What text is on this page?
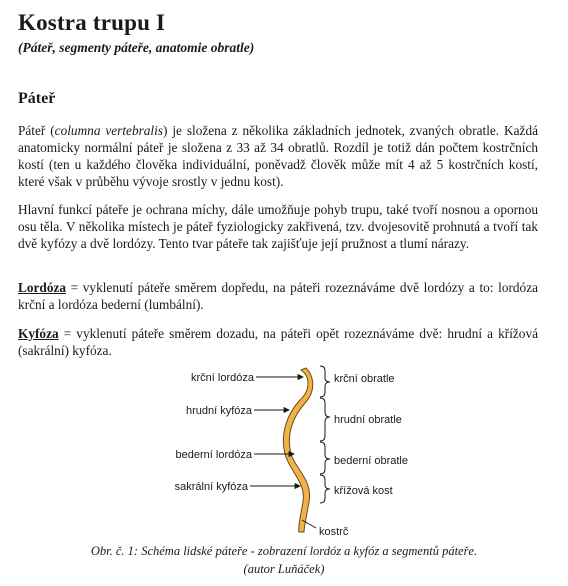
Kostra trupu I

(Páteř, segmenty páteře, anatomie obratle)

Páteř

Páteř (columna vertebralis) je složena z několika základních jednotek, zvaných obratle. Každá anatomicky normální páteř je složena z 33 až 34 obratlů. Rozdíl je totiž dán počtem kostrčních kostí (ten u každého člověka individuální, poněvadž člověk může mít 4 až 5 kostrčních kostí, které však v průběhu vývoje srostly v jednu kost).

Hlavní funkcí páteře je ochrana míchy, dále umožňuje pohyb trupu, také tvoří nosnou a opornou osu těla. V několika místech je páteř fyziologicky zakřivená, tzv. dvojesovitě prohnutá a tvoří tak dvě kyfózy a dvě lordózy. Tento tvar páteře tak zajišťuje její pružnost a tlumí nárazy.

Lordóza = vyklenutí páteře směrem dopředu, na páteři rozeznáváme dvě lordózy a to: lordóza krční a lordóza bederní (lumbální).

Kyfóza = vyklenutí páteře směrem dozadu, na páteři opět rozeznáváme dvě: hrudní a křížová (sakrální) kyfóza.

krční lordóza
hrudní kyfóza
bederní lordóza
sakrální kyfóza
krční obratle
hrudní obratle
bederní obratle
křížová kost
kostrč

Obr. č. 1: Schéma lidské páteře - zobrazení lordóz a kyfóz a segmentů páteře.

(autor Luňáček)
